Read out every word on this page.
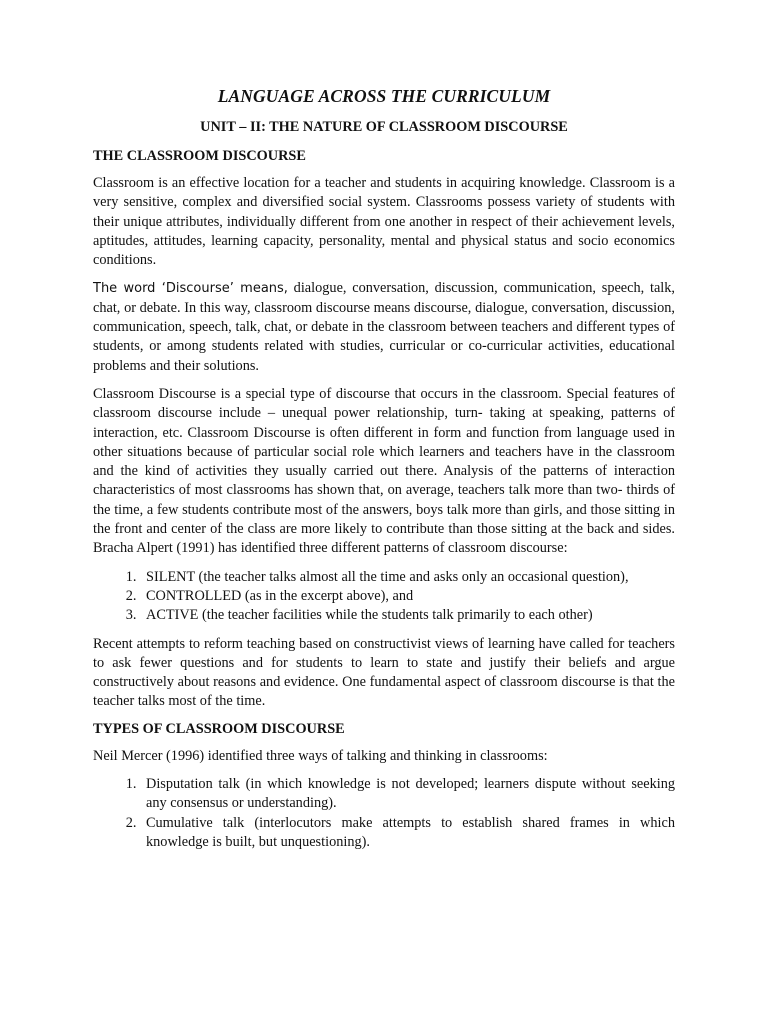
LANGUAGE ACROSS THE CURRICULUM
UNIT – II: THE NATURE OF CLASSROOM DISCOURSE
THE CLASSROOM DISCOURSE

Classroom is an effective location for a teacher and students in acquiring knowledge. Classroom is a very sensitive, complex and diversified social system. Classrooms possess variety of students with their unique attributes, individually different from one another in respect of their achievement levels, aptitudes, attitudes, learning capacity, personality, mental and physical status and socio economics conditions.

The word ‘Discourse’ means, dialogue, conversation, discussion, communication, speech, talk, chat, or debate. In this way, classroom discourse means discourse, dialogue, conversation, discussion, communication, speech, talk, chat, or debate in the classroom between teachers and different types of students, or among students related with studies, curricular or co-curricular activities, educational problems and their solutions.

Classroom Discourse is a special type of discourse that occurs in the classroom. Special features of classroom discourse include – unequal power relationship, turn- taking at speaking, patterns of interaction, etc. Classroom Discourse is often different in form and function from language used in other situations because of particular social role which learners and teachers have in the classroom and the kind of activities they usually carried out there. Analysis of the patterns of interaction characteristics of most classrooms has shown that, on average, teachers talk more than two- thirds of the time, a few students contribute most of the answers, boys talk more than girls, and those sitting in the front and center of the class are more likely to contribute than those sitting at the back and sides. Bracha Alpert (1991) has identified three different patterns of classroom discourse:

1. SILENT (the teacher talks almost all the time and asks only an occasional question),
2. CONTROLLED (as in the excerpt above), and
3. ACTIVE (the teacher facilities while the students talk primarily to each other)

Recent attempts to reform teaching based on constructivist views of learning have called for teachers to ask fewer questions and for students to learn to state and justify their beliefs and argue constructively about reasons and evidence. One fundamental aspect of classroom discourse is that the teacher talks most of the time.

TYPES OF CLASSROOM DISCOURSE

Neil Mercer (1996) identified three ways of talking and thinking in classrooms:

1. Disputation talk (in which knowledge is not developed; learners dispute without seeking any consensus or understanding).
2. Cumulative talk (interlocutors make attempts to establish shared frames in which knowledge is built, but unquestioning).
